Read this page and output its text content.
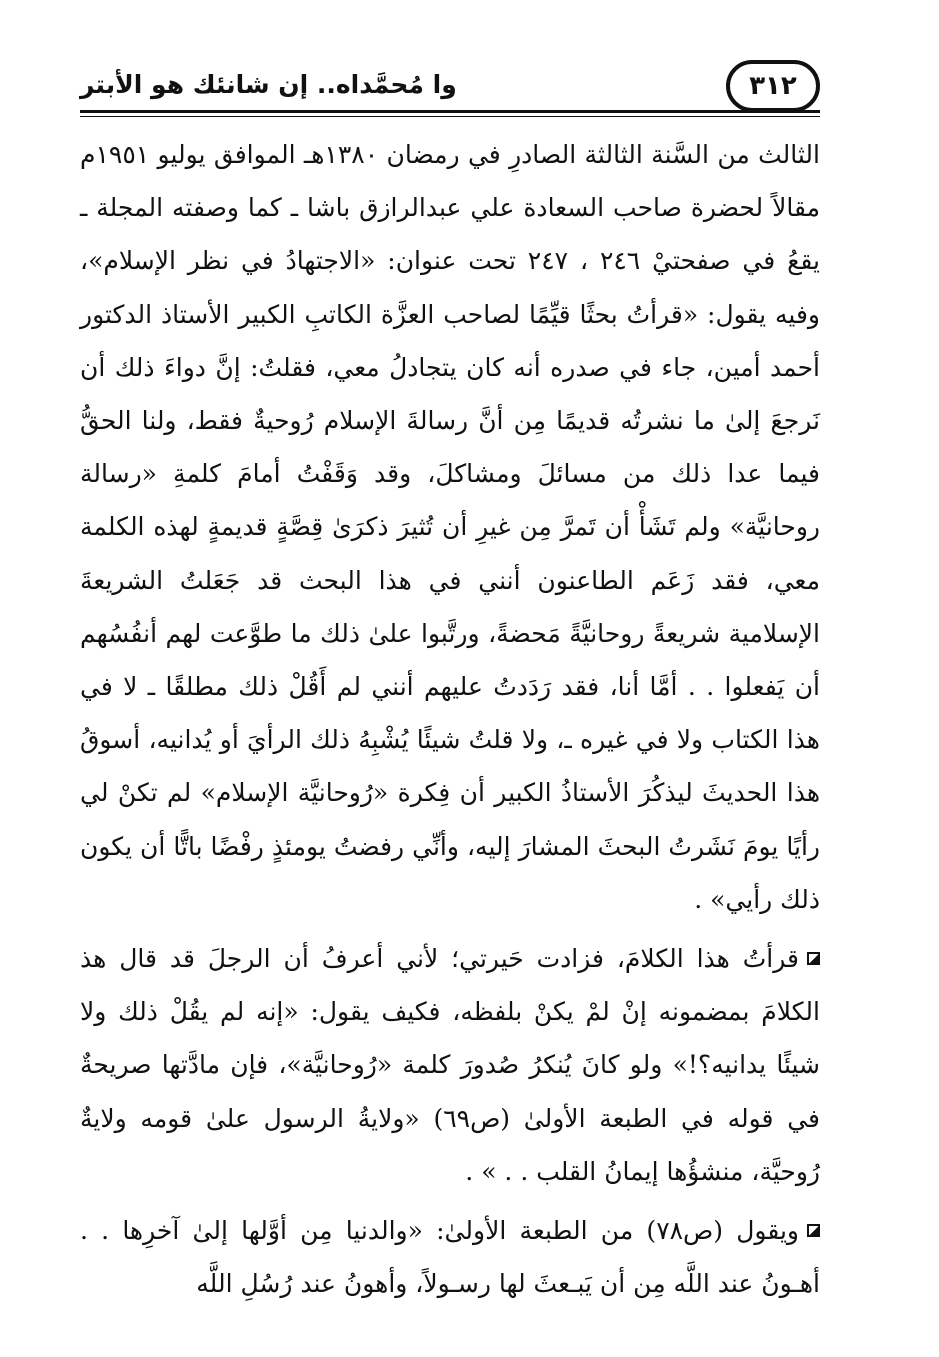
وا مُحمَّداه.. إن شانئك هو الأبتر	٣١٢

الثالث من السَّنة الثالثة الصادرِ في رمضان ١٣٨٠هـ الموافق يوليو ١٩٥١م مقالاً لحضرة صاحب السعادة علي عبدالرازق باشا ـ كما وصفته المجلة ـ يقعُ في صفحتيْ ٢٤٦ ، ٢٤٧ تحت عنوان: «الاجتهادُ في نظر الإسلام»، وفيه يقول: «قرأتُ بحثًا قيِّمًا لصاحب العزَّة الكاتبِ الكبير الأستاذ الدكتور أحمد أمين، جاء في صدره أنه كان يتجادلُ معي، فقلتُ: إنَّ دواءَ ذلك أن نَرجعَ إلىٰ ما نشرتُه قديمًا مِن أنَّ رسالةَ الإسلام رُوحيةٌ فقط، ولنا الحقُّ فيما عدا ذلك من مسائلَ ومشاكلَ، وقد وَقَفْتُ أمامَ كلمةِ «رسالة روحانيَّة» ولم تَشَأْ أن تَمرَّ مِن غيرِ أن تُثيرَ ذكرَىٰ قِصَّةٍ قديمةٍ لهذه الكلمة معي، فقد زَعَم الطاعنون أنني في هذا البحث قد جَعَلتُ الشريعةَ الإسلامية شريعةً روحانيَّةً مَحضةً، ورتَّبوا علىٰ ذلك ما طوَّعت لهم أنفُسُهم أن يَفعلوا . . أمَّا أنا، فقد رَدَدتُ عليهم أنني لم أَقُلْ ذلك مطلقًا ـ لا في هذا الكتاب ولا في غيره ـ، ولا قلتُ شيئًا يُشْبِهُ ذلك الرأيَ أو يُدانيه، أسوقُ هذا الحديثَ ليذكُرَ الأستاذُ الكبير أن فِكرة «رُوحانيَّة الإسلام» لم تكنْ لي رأيًا يومَ نَشَرتُ البحثَ المشارَ إليه، وأنِّي رفضتُ يومئذٍ رفْضًا باتًّا أن يكون ذلك رأيي» .

قرأتُ هذا الكلامَ، فزادت حَيرتي؛ لأني أعرفُ أن الرجلَ قد قال هذ الكلامَ بمضمونه إنْ لمْ يكنْ بلفظه، فكيف يقول: «إنه لم يقُلْ ذلك ولا شيئًا يدانيه؟!» ولو كانَ يُنكرُ صُدورَ كلمة «رُوحانيَّة»، فإن مادَّتها صريحةٌ في قوله في الطبعة الأولىٰ (ص٦٩) «ولايةُ الرسول علىٰ قومه ولايةٌ رُوحيَّة، منشؤُها إيمانُ القلب . . » .

ويقول (ص٧٨) من الطبعة الأولىٰ: «والدنيا مِن أوَّلها إلىٰ آخرِها . . أهـونُ عند اللَّه مِن أن يَبـعثَ لها رسـولاً، وأهونُ عند رُسُلِ اللَّه
